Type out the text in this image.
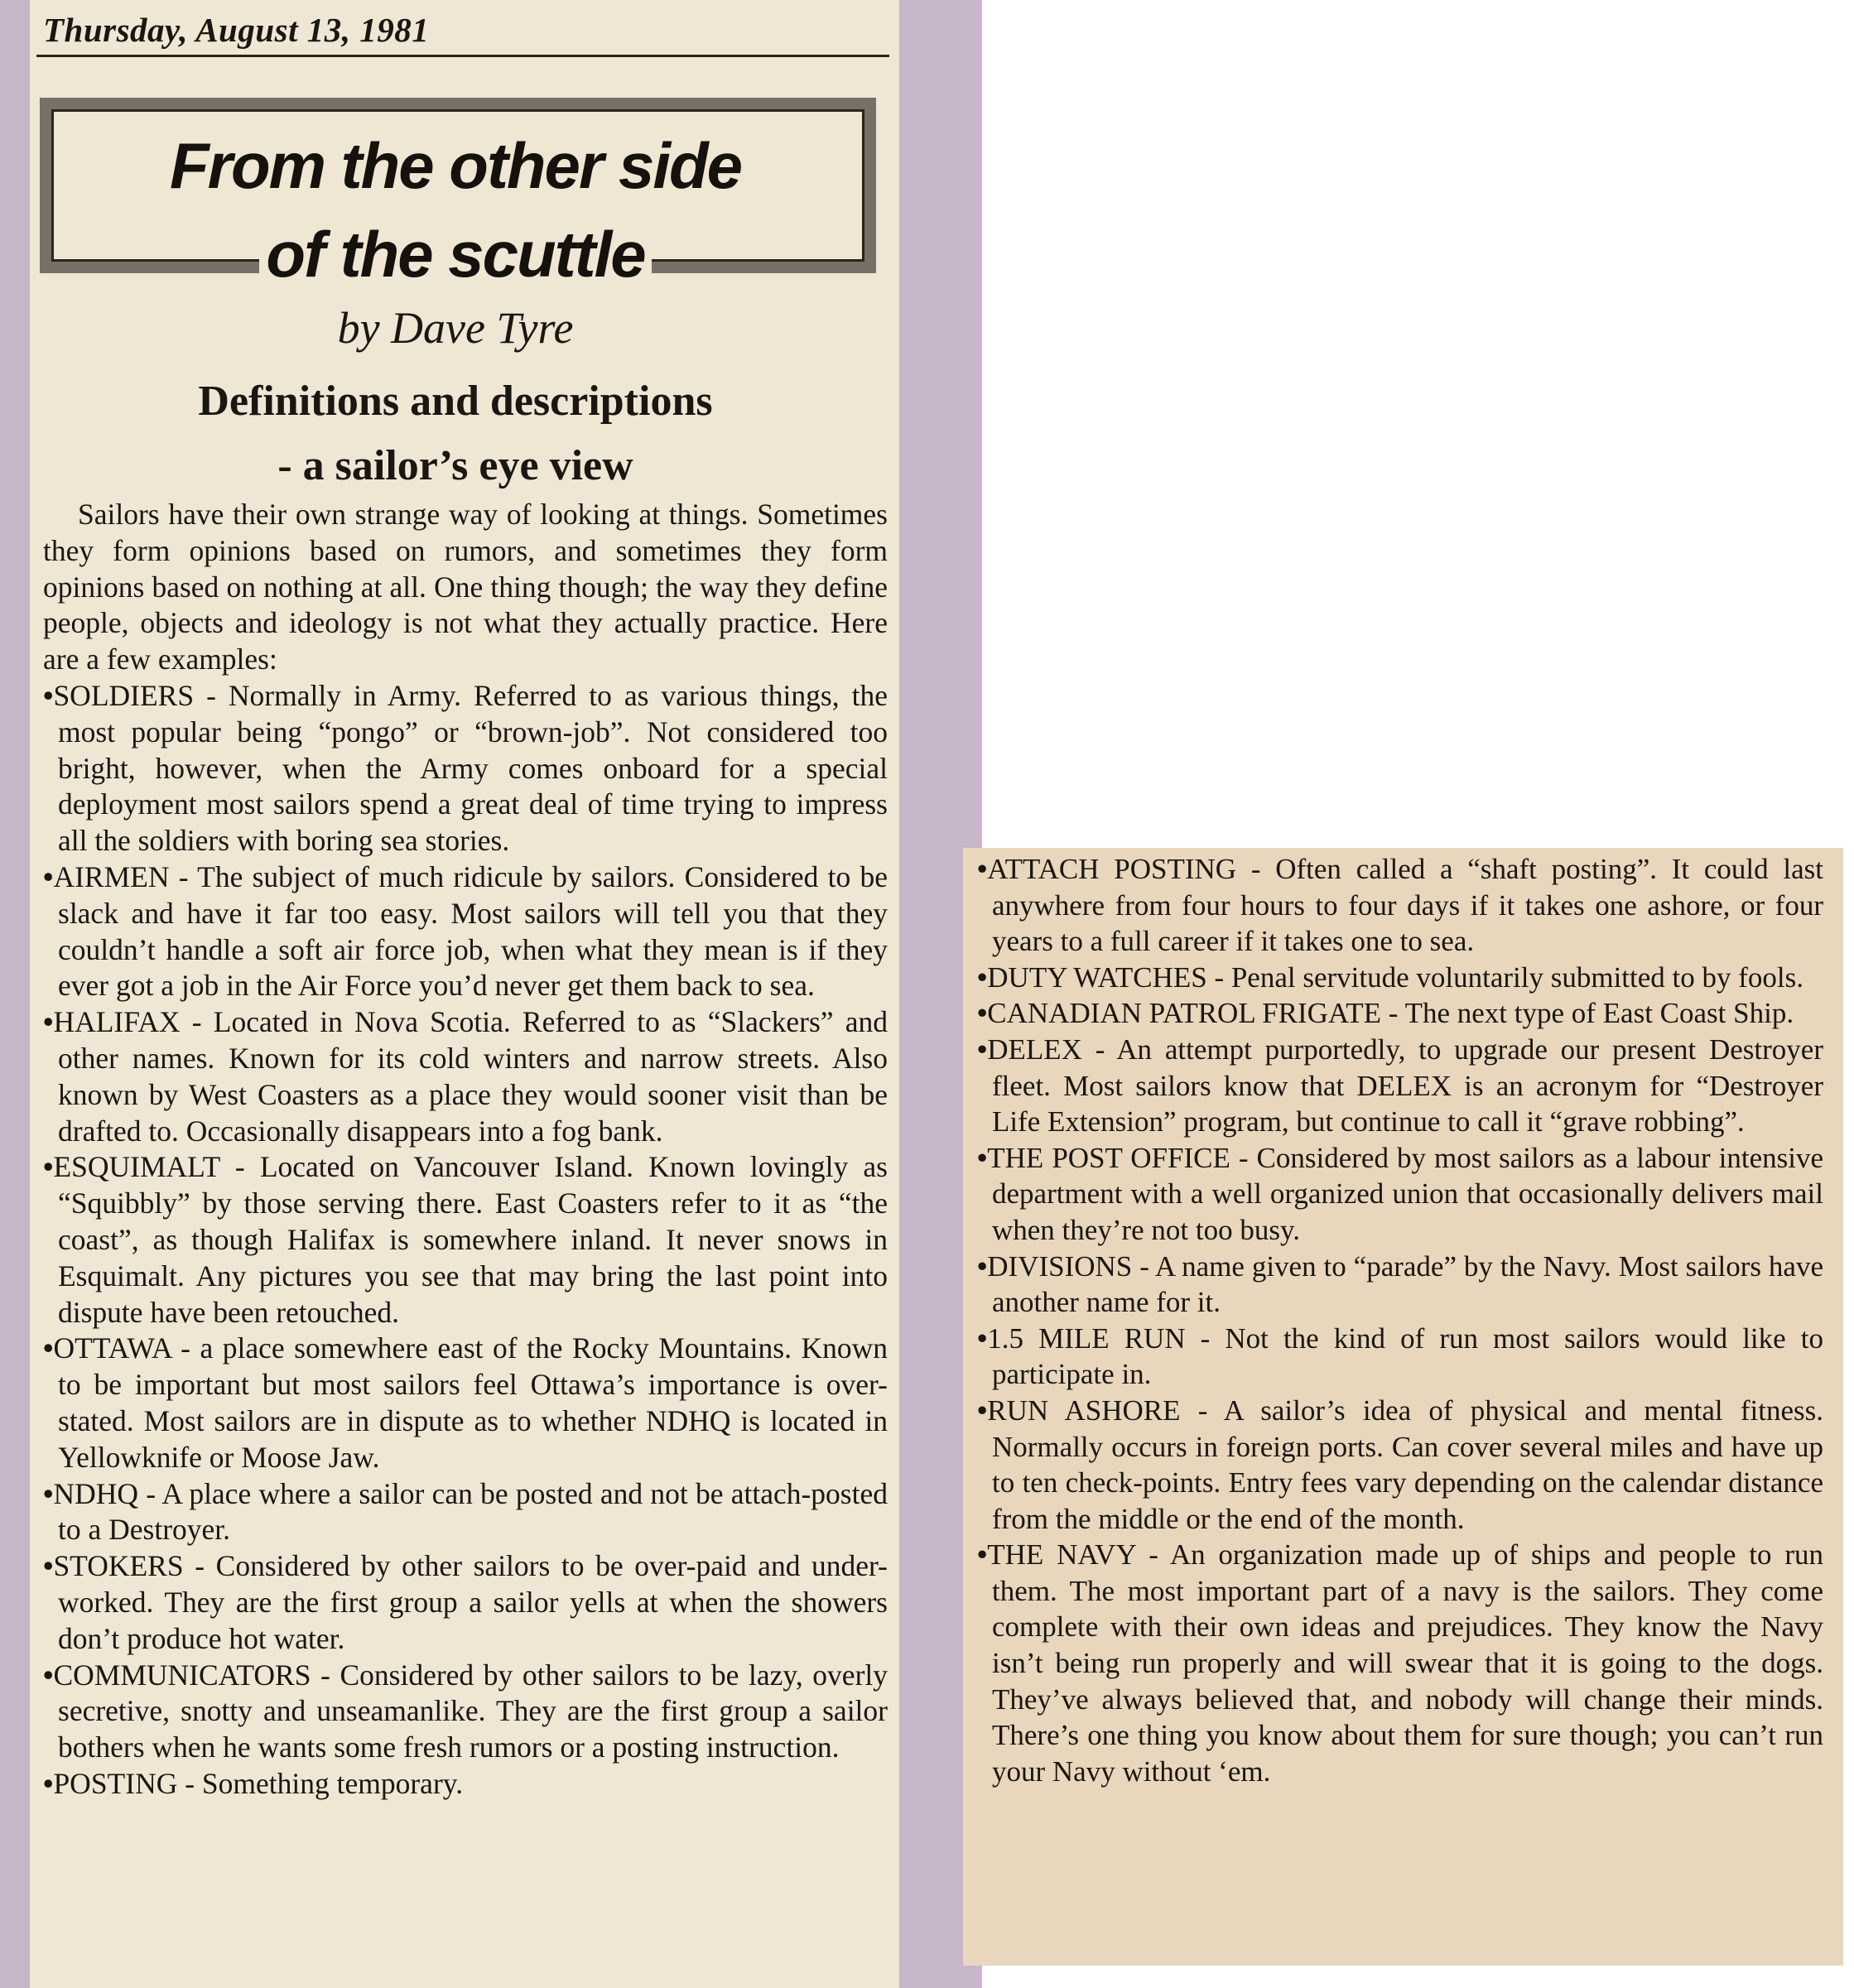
Thursday, August 13, 1981
From the other side
of the scuttle
by Dave Tyre
Definitions and descriptions
- a sailor’s eye view

Sailors have their own strange way of looking at things. Sometimes they form opinions based on rumors, and sometimes they form opinions based on nothing at all. One thing though; the way they define people, objects and ideology is not what they actually practice. Here are a few examples:

•SOLDIERS - Normally in Army. Referred to as various things, the most popular being “pongo” or “brown-job”. Not considered too bright, however, when the Army comes onboard for a special deployment most sailors spend a great deal of time trying to impress all the soldiers with boring sea stories.

•AIRMEN - The subject of much ridicule by sailors. Considered to be slack and have it far too easy. Most sailors will tell you that they couldn’t handle a soft air force job, when what they mean is if they ever got a job in the Air Force you’d never get them back to sea.

•HALIFAX - Located in Nova Scotia. Referred to as “Slackers” and other names. Known for its cold winters and narrow streets. Also known by West Coasters as a place they would sooner visit than be drafted to. Occasionally disappears into a fog bank.

•ESQUIMALT - Located on Vancouver Island. Known lovingly as “Squibbly” by those serving there. East Coasters refer to it as “the coast”, as though Halifax is somewhere inland. It never snows in Esquimalt. Any pictures you see that may bring the last point into dispute have been retouched.

•OTTAWA - a place somewhere east of the Rocky Mountains. Known to be important but most sailors feel Ottawa’s importance is over-stated. Most sailors are in dispute as to whether NDHQ is located in Yellowknife or Moose Jaw.

•NDHQ - A place where a sailor can be posted and not be attach-posted to a Destroyer.

•STOKERS - Considered by other sailors to be over-paid and under-worked. They are the first group a sailor yells at when the showers don’t produce hot water.

•COMMUNICATORS - Considered by other sailors to be lazy, overly secretive, snotty and unseamanlike. They are the first group a sailor bothers when he wants some fresh rumors or a posting instruction.

•POSTING - Something temporary.

•ATTACH POSTING - Often called a “shaft posting”. It could last anywhere from four hours to four days if it takes one ashore, or four years to a full career if it takes one to sea.

•DUTY WATCHES - Penal servitude voluntarily submitted to by fools.

•CANADIAN PATROL FRIGATE - The next type of East Coast Ship.

•DELEX - An attempt purportedly, to upgrade our present Destroyer fleet. Most sailors know that DELEX is an acronym for “Destroyer Life Extension” program, but continue to call it “grave robbing”.

•THE POST OFFICE - Considered by most sailors as a labour intensive department with a well organized union that occasionally delivers mail when they’re not too busy.

•DIVISIONS - A name given to “parade” by the Navy. Most sailors have another name for it.

•1.5 MILE RUN - Not the kind of run most sailors would like to participate in.

•RUN ASHORE - A sailor’s idea of physical and mental fitness. Normally occurs in foreign ports. Can cover several miles and have up to ten check-points. Entry fees vary depending on the calendar distance from the middle or the end of the month.

•THE NAVY - An organization made up of ships and people to run them. The most important part of a navy is the sailors. They come complete with their own ideas and prejudices. They know the Navy isn’t being run properly and will swear that it is going to the dogs. They’ve always believed that, and nobody will change their minds. There’s one thing you know about them for sure though; you can’t run your Navy without ‘em.
